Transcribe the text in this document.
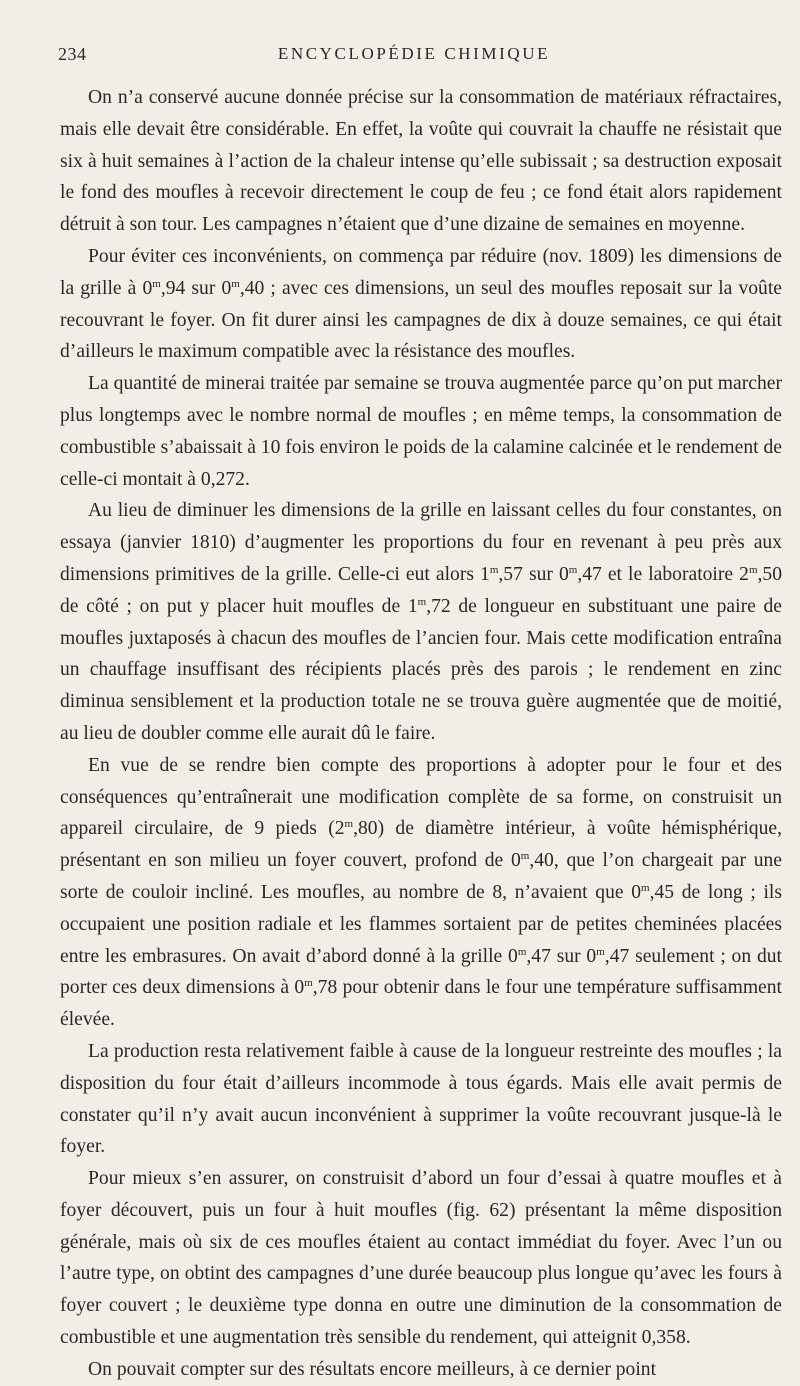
234	ENCYCLOPÉDIE CHIMIQUE

On n’a conservé aucune donnée précise sur la consommation de matériaux réfractaires, mais elle devait être considérable. En effet, la voûte qui couvrait la chauffe ne résistait que six à huit semaines à l’action de la chaleur intense qu’elle subissait ; sa destruction exposait le fond des moufles à recevoir directement le coup de feu ; ce fond était alors rapidement détruit à son tour. Les campagnes n’étaient que d’une dizaine de semaines en moyenne.

Pour éviter ces inconvénients, on commença par réduire (nov. 1809) les dimensions de la grille à 0$^m$,94 sur 0$^m$,40 ; avec ces dimensions, un seul des moufles reposait sur la voûte recouvrant le foyer. On fit durer ainsi les campagnes de dix à douze semaines, ce qui était d’ailleurs le maximum compatible avec la résistance des moufles.

La quantité de minerai traitée par semaine se trouva augmentée parce qu’on put marcher plus longtemps avec le nombre normal de moufles ; en même temps, la consommation de combustible s’abaissait à 10 fois environ le poids de la calamine calcinée et le rendement de celle-ci montait à 0,272.

Au lieu de diminuer les dimensions de la grille en laissant celles du four constantes, on essaya (janvier 1810) d’augmenter les proportions du four en revenant à peu près aux dimensions primitives de la grille. Celle-ci eut alors 1$^m$,57 sur 0$^m$,47 et le laboratoire 2$^m$,50 de côté ; on put y placer huit moufles de 1$^m$,72 de longueur en substituant une paire de moufles juxtaposés à chacun des moufles de l’ancien four. Mais cette modification entraîna un chauffage insuffisant des récipients placés près des parois ; le rendement en zinc diminua sensiblement et la production totale ne se trouva guère augmentée que de moitié, au lieu de doubler comme elle aurait dû le faire.

En vue de se rendre bien compte des proportions à adopter pour le four et des conséquences qu’entraînerait une modification complète de sa forme, on construisit un appareil circulaire, de 9 pieds (2$^m$,80) de diamètre intérieur, à voûte hémisphérique, présentant en son milieu un foyer couvert, profond de 0$^m$,40, que l’on chargeait par une sorte de couloir incliné. Les moufles, au nombre de 8, n’avaient que 0$^m$,45 de long ; ils occupaient une position radiale et les flammes sortaient par de petites cheminées placées entre les embrasures. On avait d’abord donné à la grille 0$^m$,47 sur 0$^m$,47 seulement ; on dut porter ces deux dimensions à 0$^m$,78 pour obtenir dans le four une température suffisamment élevée.

La production resta relativement faible à cause de la longueur restreinte des moufles ; la disposition du four était d’ailleurs incommode à tous égards. Mais elle avait permis de constater qu’il n’y avait aucun inconvénient à supprimer la voûte recouvrant jusque-là le foyer.

Pour mieux s’en assurer, on construisit d’abord un four d’essai à quatre moufles et à foyer découvert, puis un four à huit moufles (fig. 62) présentant la même disposition générale, mais où six de ces moufles étaient au contact immédiat du foyer. Avec l’un ou l’autre type, on obtint des campagnes d’une durée beaucoup plus longue qu’avec les fours à foyer couvert ; le deuxième type donna en outre une diminution de la consommation de combustible et une augmentation très sensible du rendement, qui atteignit 0,358.

On pouvait compter sur des résultats encore meilleurs, à ce dernier point
